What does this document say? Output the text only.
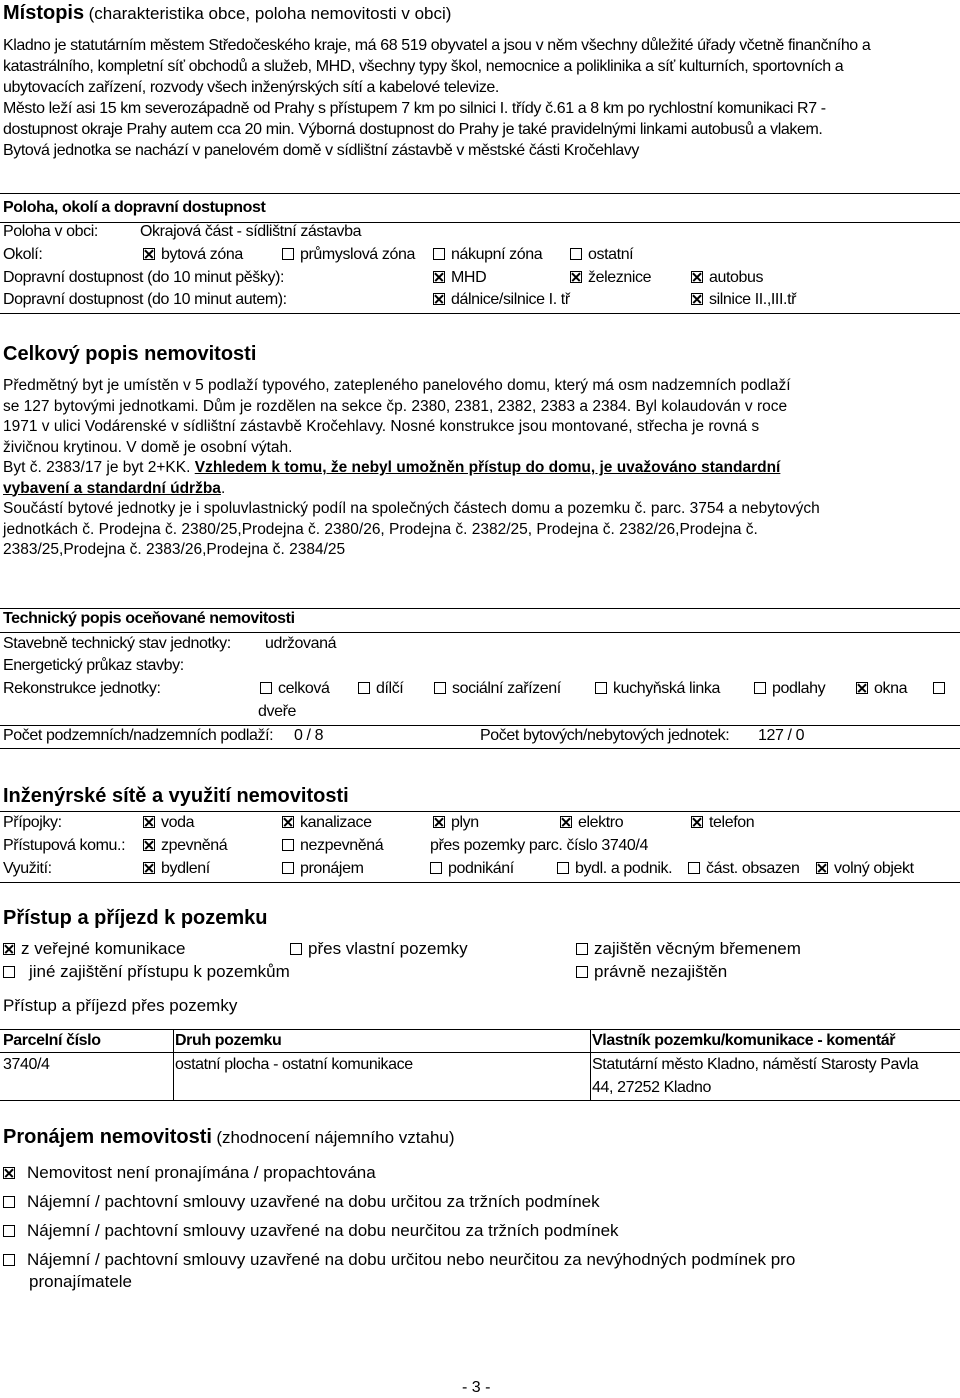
Místopis (charakteristika obce, poloha nemovitosti v obci)
Kladno je statutárním městem Středočeského kraje, má 68 519 obyvatel a jsou v něm všechny důležité úřady včetně finančního a
katastrálního, kompletní síť obchodů a služeb, MHD, všechny typy škol, nemocnice a poliklinika a síť kulturních, sportovních a
ubytovacích zařízení, rozvody všech inženýrských sítí a kabelové televize.
Město leží asi 15 km severozápadně od Prahy s přístupem 7 km po silnici I. třídy č.61 a 8 km po rychlostní komunikaci R7 -
dostupnost okraje Prahy autem cca 20 min. Výborná dostupnost do Prahy je také pravidelnými linkami autobusů a vlakem.
Bytová jednotka se nachází v panelovém domě v sídlištní zástavbě v městské části Kročehlavy
Poloha, okolí a dopravní dostupnost
Poloha v obci:	Okrajová část - sídlištní zástavba
Okolí:	bytová zóna	průmyslová zóna	nákupní zóna	ostatní
Dopravní dostupnost (do 10 minut pěšky):	MHD	železnice	autobus
Dopravní dostupnost (do 10 minut autem):	dálnice/silnice I. tř	silnice II.,III.tř
Celkový popis nemovitosti
Předmětný byt je umístěn v 5 podlaží typového, zatepleného panelového domu, který má osm nadzemních podlaží
se 127 bytovými jednotkami. Dům je rozdělen na sekce čp. 2380, 2381, 2382, 2383 a 2384. Byl kolaudován v roce
1971 v ulici Vodárenské v sídlištní zástavbě Kročehlavy. Nosné konstrukce jsou montované, střecha je rovná s
živičnou krytinou. V domě je osobní výtah.
Byt č. 2383/17 je byt 2+KK. Vzhledem k tomu, že nebyl umožněn přístup do domu, je uvažováno standardní
vybavení a standardní údržba.
Součástí bytové jednotky je i spoluvlastnický podíl na společných částech domu a pozemku č. parc. 3754 a nebytových
jednotkách č. Prodejna č. 2380/25,Prodejna č. 2380/26, Prodejna č. 2382/25, Prodejna č. 2382/26,Prodejna č.
2383/25,Prodejna č. 2383/26,Prodejna č. 2384/25
Technický popis oceňované nemovitosti
Stavebně technický stav jednotky: udržovaná
Energetický průkaz stavby:
Rekonstrukce jednotky:	celková	dílčí	sociální zařízení	kuchyňská linka	podlahy	okna
dveře
Počet podzemních/nadzemních podlaží: 0 / 8	Počet bytových/nebytových jednotek: 127 / 0
Inženýrské sítě a využití nemovitosti
Přípojky:	voda	kanalizace	plyn	elektro	telefon
Přístupová komu.:	zpevněná	nezpevněná	přes pozemky parc. číslo 3740/4
Využití:	bydlení	pronájem	podnikání	bydl. a podnik.	část. obsazen	volný objekt
Přístup a příjezd k pozemku
z veřejné komunikace	přes vlastní pozemky	zajištěn věcným břemenem
jiné zajištění přístupu k pozemkům	právně nezajištěn
Přístup a příjezd přes pozemky
Parcelní číslo	Druh pozemku	Vlastník pozemku/komunikace - komentář
3740/4	ostatní plocha - ostatní komunikace	Statutární město Kladno, náměstí Starosty Pavla
44, 27252 Kladno
Pronájem nemovitosti (zhodnocení nájemního vztahu)
Nemovitost není pronajímána / propachtována
Nájemní / pachtovní smlouvy uzavřené na dobu určitou za tržních podmínek
Nájemní / pachtovní smlouvy uzavřené na dobu neurčitou za tržních podmínek
Nájemní / pachtovní smlouvy uzavřené na dobu určitou nebo neurčitou za nevýhodných podmínek pro
pronajímatele
- 3 -
